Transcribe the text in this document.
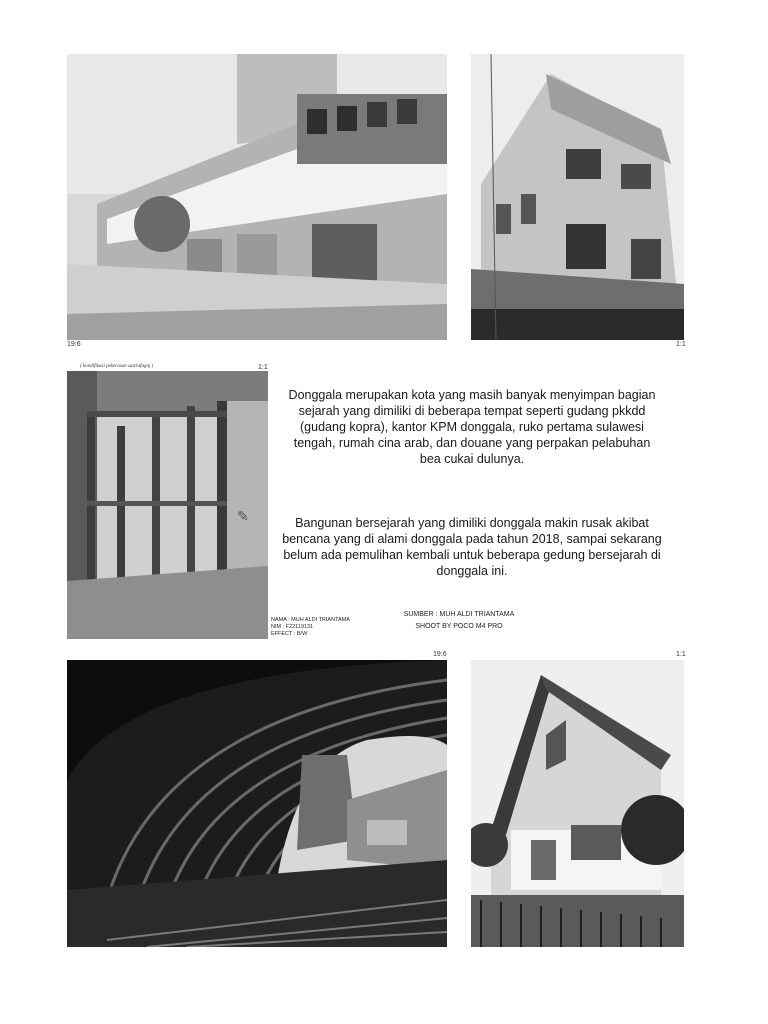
19:6	1:1
( kondifikasi pekerasan sastrafagnj )	1:1
✎
Donggala merupakan kota yang masih banyak menyimpan bagian sejarah yang dimiliki di beberapa tempat seperti gudang pkkdd (gudang kopra), kantor KPM donggala, ruko pertama sulawesi tengah, rumah cina arab, dan douane yang perpakan pelabuhan bea cukai dulunya.
Bangunan bersejarah yang dimiliki donggala makin rusak akibat bencana yang di alami donggala pada tahun 2018, sampai sekarang belum ada pemulihan kembali untuk beberapa gedung bersejarah di donggala ini.
NAMA : MUH ALDI TRIANTAMA
NIM : F22119131
EFFECT : B/W
SUMBER : MUH ALDI TRIANTAMA
SHOOT BY POCO M4 PRO
19:6	1:1
